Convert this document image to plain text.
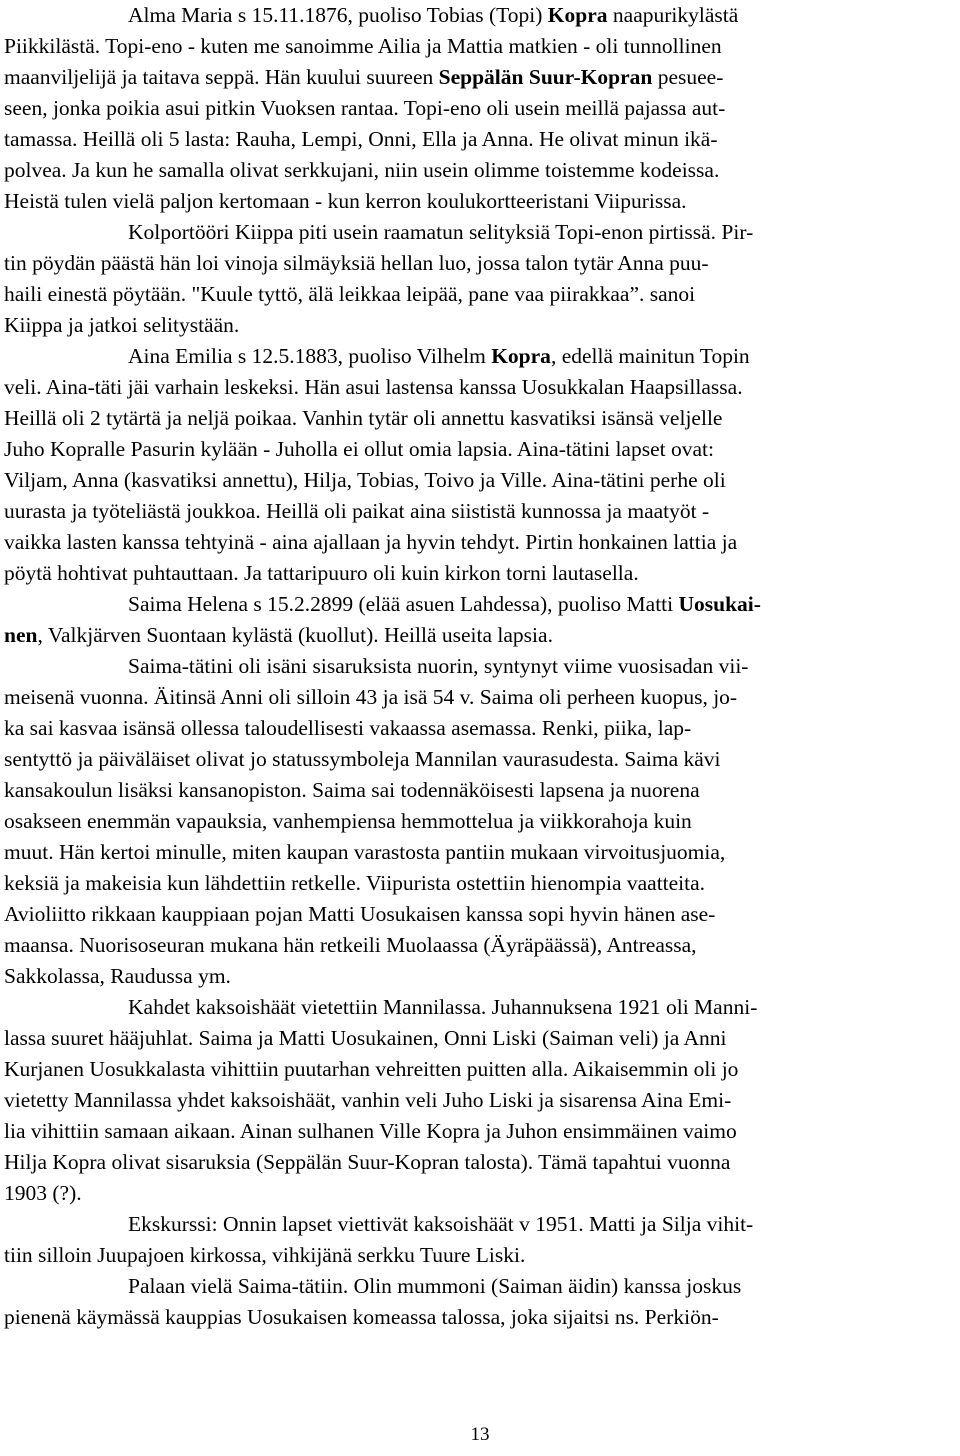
Alma Maria s 15.11.1876, puoliso Tobias (Topi) Kopra naapurikylästä
Piikkilästä. Topi-eno - kuten me sanoimme Ailia ja Mattia matkien - oli tunnollinen
maanviljelijä ja taitava seppä. Hän kuului suureen Seppälän Suur-Kopran pesuee-
seen, jonka poikia asui pitkin Vuoksen rantaa. Topi-eno oli usein meillä pajassa aut-
tamassa. Heillä oli 5 lasta: Rauha, Lempi, Onni, Ella ja Anna. He olivat minun ikä-
polvea. Ja kun he samalla olivat serkkujani, niin usein olimme toistemme kodeissa.
Heistä tulen vielä paljon kertomaan - kun kerron koulukortteeristani Viipurissa.
Kolportööri Kiippa piti usein raamatun selityksiä Topi-enon pirtissä. Pir-
tin pöydän päästä hän loi vinoja silmäyksiä hellan luo, jossa talon tytär Anna puu-
haili einestä pöytään. "Kuule tyttö, älä leikkaa leipää, pane vaa piirakkaa”. sanoi
Kiippa ja jatkoi selitystään.
Aina Emilia s 12.5.1883, puoliso Vilhelm Kopra, edellä mainitun Topin
veli. Aina-täti jäi varhain leskeksi. Hän asui lastensa kanssa Uosukkalan Haapsillassa.
Heillä oli 2 tytärtä ja neljä poikaa. Vanhin tytär oli annettu kasvatiksi isänsä veljelle
Juho Kopralle Pasurin kylään - Juholla ei ollut omia lapsia. Aina-tätini lapset ovat:
Viljam, Anna (kasvatiksi annettu), Hilja, Tobias, Toivo ja Ville. Aina-tätini perhe oli
uurasta ja työteliästä joukkoa. Heillä oli paikat aina siististä kunnossa ja maatyöt -
vaikka lasten kanssa tehtyinä - aina ajallaan ja hyvin tehdyt. Pirtin honkainen lattia ja
pöytä hohtivat puhtauttaan. Ja tattaripuuro oli kuin kirkon torni lautasella.
Saima Helena s 15.2.2899 (elää asuen Lahdessa), puoliso Matti Uosukai-
nen, Valkjärven Suontaan kylästä (kuollut). Heillä useita lapsia.
Saima-tätini oli isäni sisaruksista nuorin, syntynyt viime vuosisadan vii-
meisenä vuonna. Äitinsä Anni oli silloin 43 ja isä 54 v. Saima oli perheen kuopus, jo-
ka sai kasvaa isänsä ollessa taloudellisesti vakaassa asemassa. Renki, piika, lap-
sentyttö ja päiväläiset olivat jo statussymboleja Mannilan vaurasudesta. Saima kävi
kansakoulun lisäksi kansanopiston. Saima sai todennäköisesti lapsena ja nuorena
osakseen enemmän vapauksia, vanhempiensa hemmottelua ja viikkorahoja kuin
muut. Hän kertoi minulle, miten kaupan varastosta pantiin mukaan virvoitusjuomia,
keksiä ja makeisia kun lähdettiin retkelle. Viipurista ostettiin hienompia vaatteita.
Avioliitto rikkaan kauppiaan pojan Matti Uosukaisen kanssa sopi hyvin hänen ase-
maansa. Nuorisoseuran mukana hän retkeili Muolaassa (Äyräpäässä), Antreassa,
Sakkolassa, Raudussa ym.
Kahdet kaksoishäät vietettiin Mannilassa. Juhannuksena 1921 oli Manni-
lassa suuret hääjuhlat. Saima ja Matti Uosukainen, Onni Liski (Saiman veli) ja Anni
Kurjanen Uosukkalasta vihittiin puutarhan vehreitten puitten alla. Aikaisemmin oli jo
vietetty Mannilassa yhdet kaksoishäät, vanhin veli Juho Liski ja sisarensa Aina Emi-
lia vihittiin samaan aikaan. Ainan sulhanen Ville Kopra ja Juhon ensimmäinen vaimo
Hilja Kopra olivat sisaruksia (Seppälän Suur-Kopran talosta). Tämä tapahtui vuonna
1903 (?).
Ekskurssi: Onnin lapset viettivät kaksoishäät v 1951. Matti ja Silja vihit-
tiin silloin Juupajoen kirkossa, vihkijänä serkku Tuure Liski.
Palaan vielä Saima-tätiin. Olin mummoni (Saiman äidin) kanssa joskus
pienenä käymässä kauppias Uosukaisen komeassa talossa, joka sijaitsi ns. Perkiön-
13
